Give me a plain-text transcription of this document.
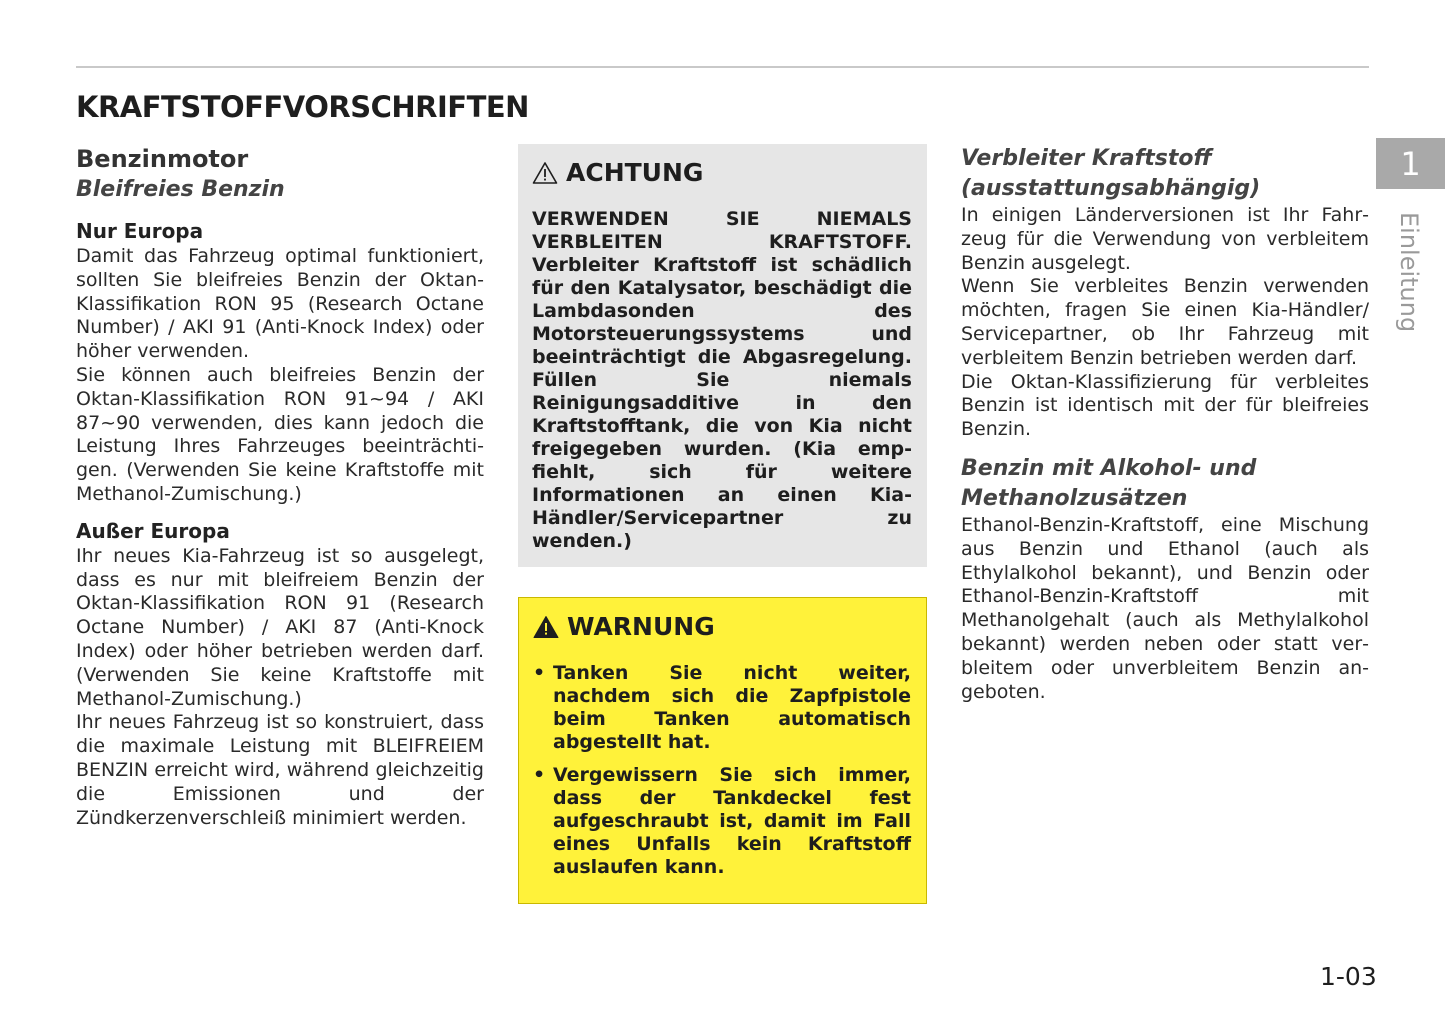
KRAFTSTOFFVORSCHRIFTEN
Benzinmotor
Bleifreies Benzin
Nur Europa

Damit das Fahrzeug optimal funktioniert, sollten Sie bleifreies Benzin der Oktan-Klassifikation RON 95 (Research Octane Number) / AKI 91 (Anti-Knock Index) oder höher verwenden.

Sie können auch bleifreies Benzin der Oktan-Klassifikation RON 91~94 / AKI 87~90 verwenden, dies kann jedoch die Leistung Ihres Fahrzeuges beeinträchtigen. (Verwenden Sie keine Kraftstoffe mit Methanol-Zumischung.)

Außer Europa

Ihr neues Kia-Fahrzeug ist so ausgelegt, dass es nur mit bleifreiem Benzin der Oktan-Klassifikation RON 91 (Research Octane Number) / AKI 87 (Anti-Knock Index) oder höher betrieben werden darf. (Verwenden Sie keine Kraftstoffe mit Methanol-Zumischung.)

Ihr neues Fahrzeug ist so konstruiert, dass die maximale Leistung mit BLEIFREIEM BENZIN erreicht wird, während gleichzeitig die Emissionen und der Zündkerzenverschleiß minimiert werden.

ACHTUNG

VERWENDEN SIE NIEMALS VERBLEITEN KRAFTSTOFF. Verbleiter Kraftstoff ist schädlich für den Katalysator, beschädigt die Lambdasonden des Motorsteuerungssystems und beeinträchtigt die Abgasregelung. Füllen Sie niemals Reinigungsadditive in den Kraftstofftank, die von Kia nicht freigegeben wurden. (Kia empfiehlt, sich für weitere Informationen an einen Kia-Händler/Servicepartner zu wenden.)

WARNUNG
• Tanken Sie nicht weiter, nachdem sich die Zapfpistole beim Tanken automatisch abgestellt hat.
• Vergewissern Sie sich immer, dass der Tankdeckel fest aufgeschraubt ist, damit im Fall eines Unfalls kein Kraftstoff auslaufen kann.
Verbleiter Kraftstoff
(ausstattungsabhängig)

In einigen Länderversionen ist Ihr Fahrzeug für die Verwendung von verbleitem Benzin ausgelegt.

Wenn Sie verbleites Benzin verwenden möchten, fragen Sie einen Kia-Händler/ Servicepartner, ob Ihr Fahrzeug mit verbleitem Benzin betrieben werden darf.

Die Oktan-Klassifizierung für verbleites Benzin ist identisch mit der für bleifreies Benzin.

Benzin mit Alkohol- und
Methanolzusätzen

Ethanol-Benzin-Kraftstoff, eine Mischung aus Benzin und Ethanol (auch als Ethylalkohol bekannt), und Benzin oder Ethanol-Benzin-Kraftstoff mit Methanolgehalt (auch als Methylalkohol bekannt) werden neben oder statt verbleitem oder unverbleitem Benzin angeboten.

1
Einleitung
1-03
